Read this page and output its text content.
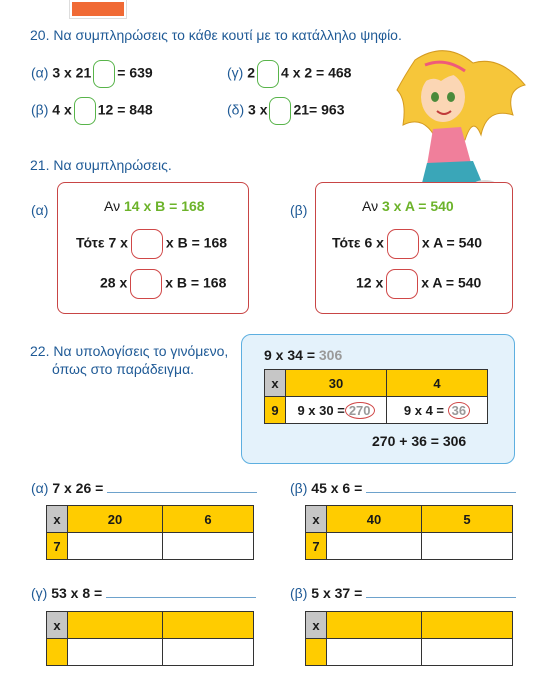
20. Να συμπληρώσεις το κάθε κουτί με το κατάλληλο ψηφίο.
(α) 3 x 21 = 639
(β) 4 x 12 = 848
(γ) 2 4 x 2 = 468
(δ) 3 x 21= 963
21. Να συμπληρώσεις.
(α)	Αν 14 x B = 168
Τότε 7 x	x B = 168
28 x	x B = 168
(β)	Αν 3 x A = 540
Τότε 6 x	x A = 540
12 x	x A = 540
22. Να υπολογίσεις το γινόμενο,
όπως στο παράδειγμα.
9 x 34 = 306
x	30	4
9	9 x 30 = 270	9 x 4 = 36
270 + 36 = 306
(α) 7 x 26 =
x	20	6
7		
(β) 45 x 6 =
x	40	5
7		
(γ) 53 x 8 =
x		

(β) 5 x 37 =
x		
